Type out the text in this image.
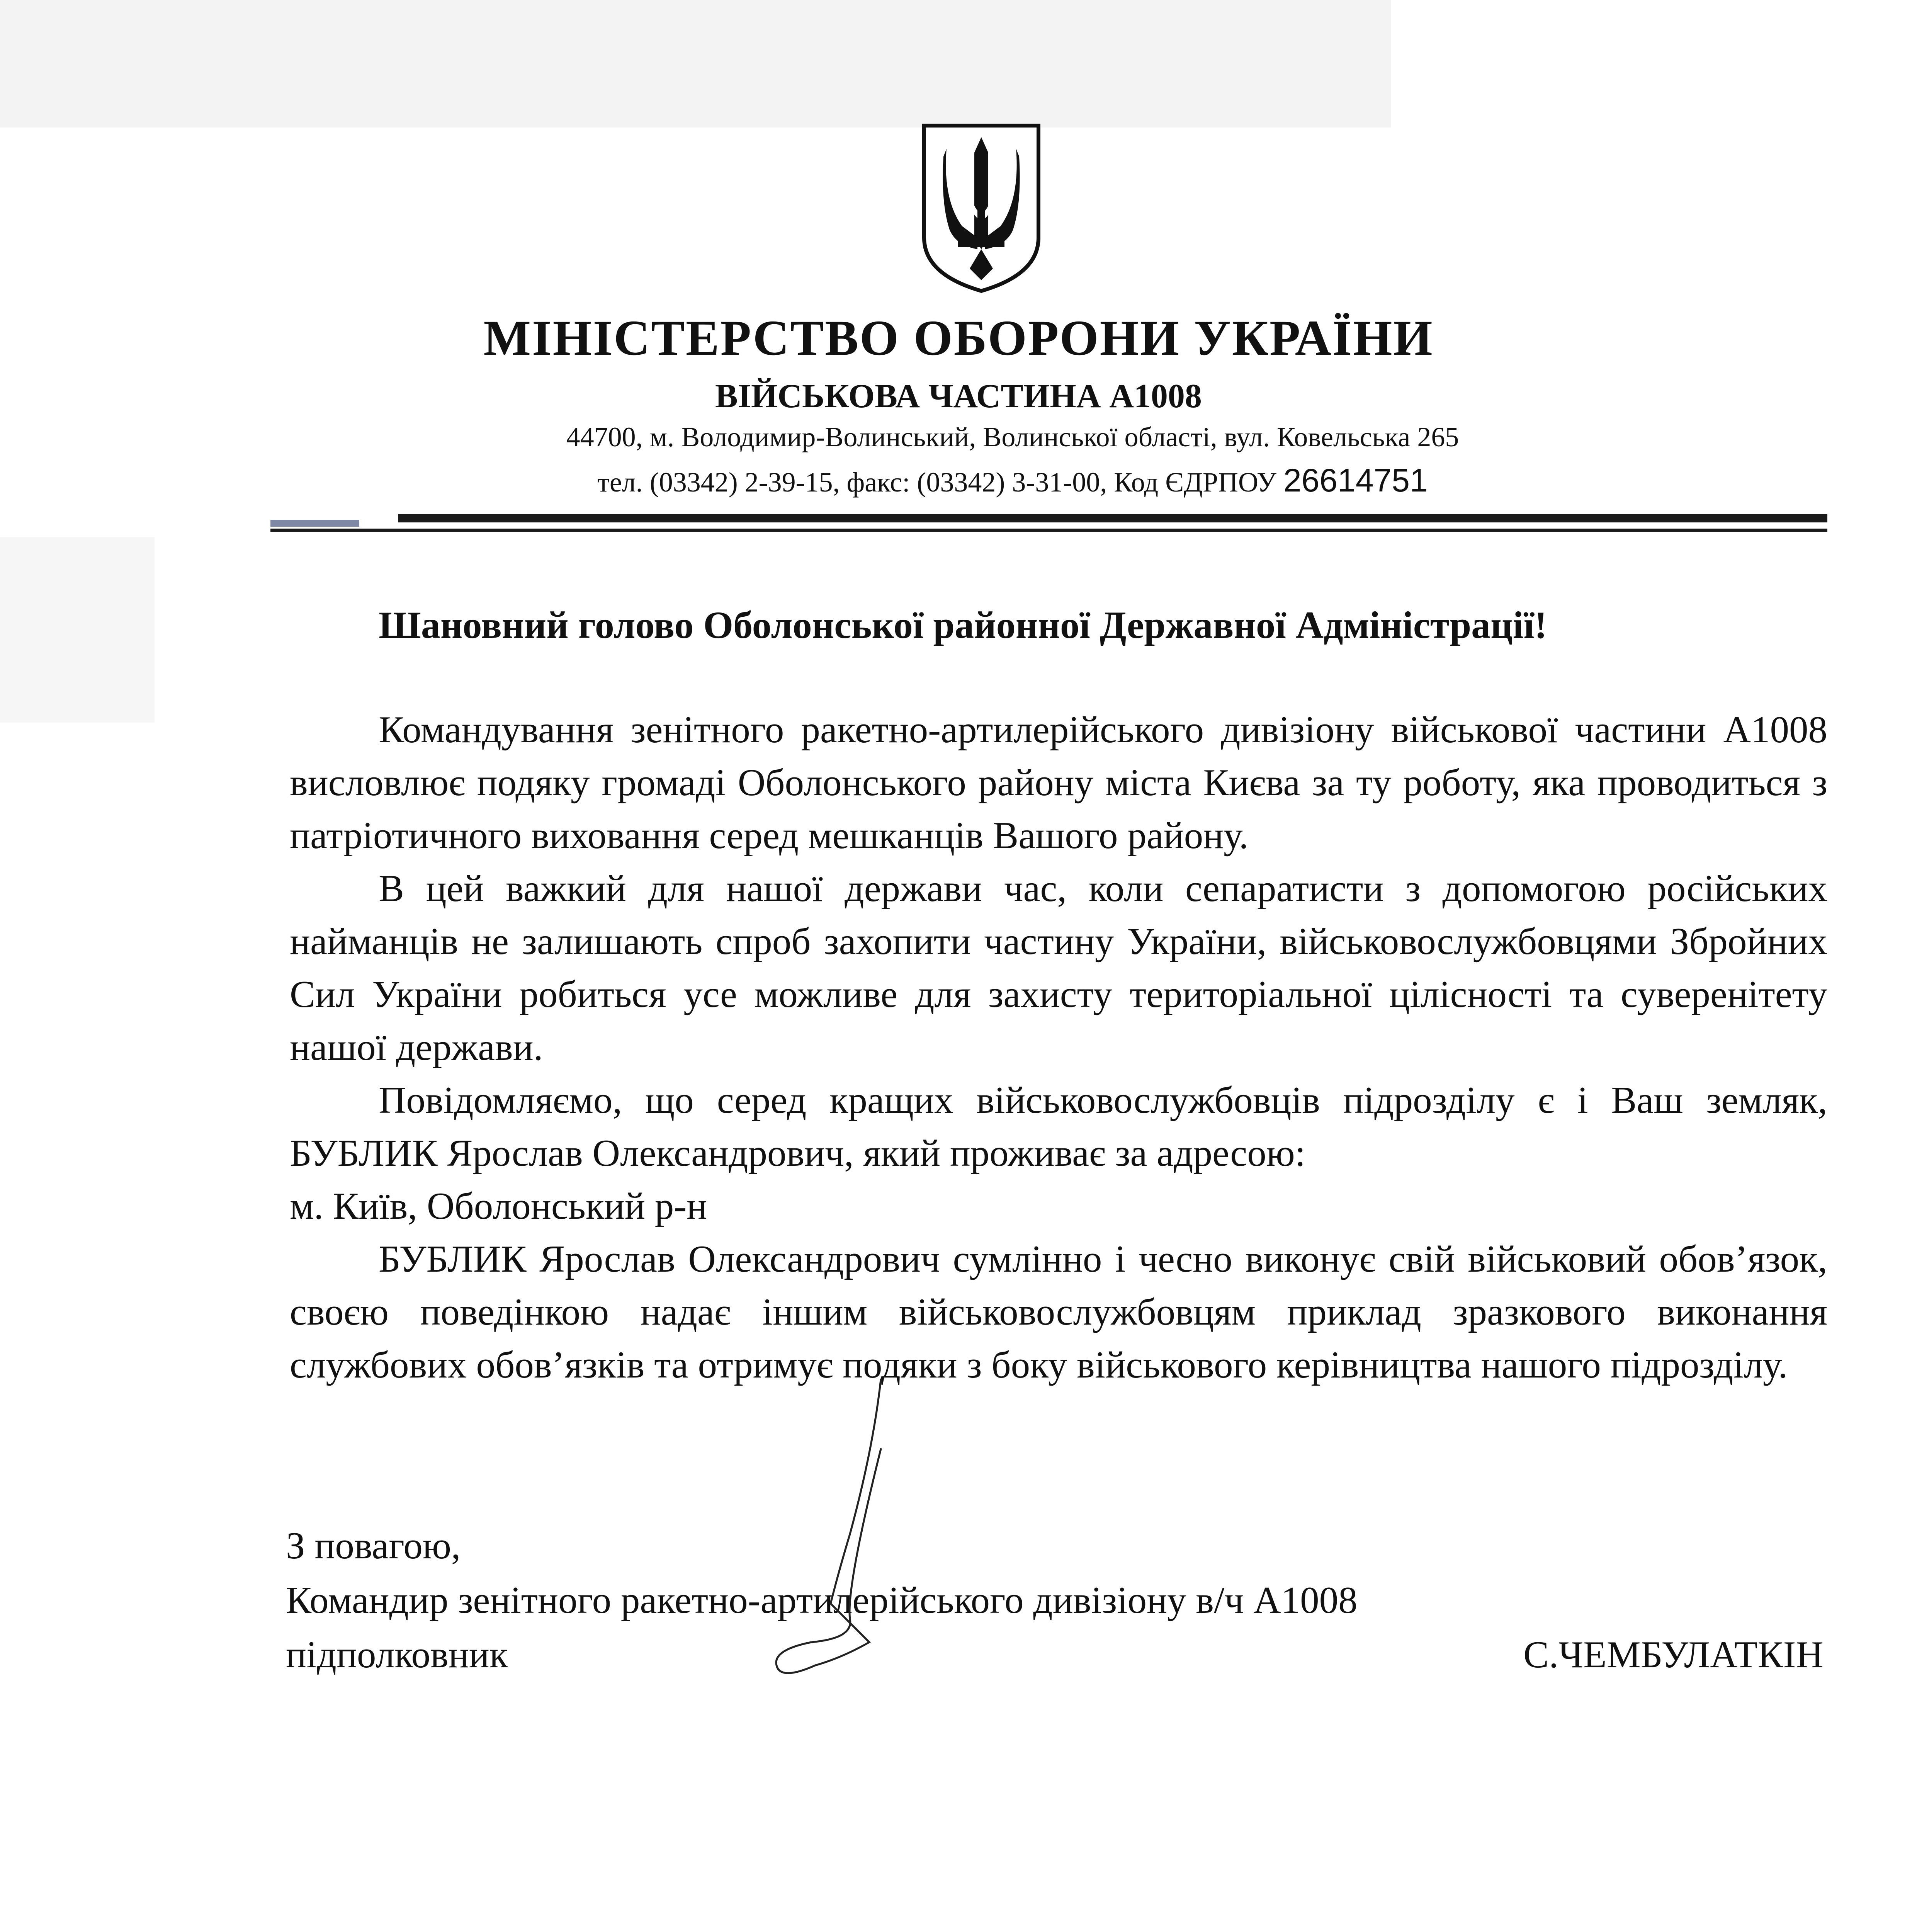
МІНІСТЕРСТВО ОБОРОНИ УКРАЇНИ
ВІЙСЬКОВА ЧАСТИНА А1008
44700, м. Володимир-Волинський, Волинської області, вул. Ковельська 265
тел. (03342) 2-39-15, факс: (03342) 3-31-00, Код ЄДРПОУ 26614751
Шановний голово Оболонської районної Державної Адміністрації!

Командування зенітного ракетно-артилерійського дивізіону військової частини А1008 висловлює подяку громаді Оболонського району міста Києва за ту роботу, яка проводиться з патріотичного виховання серед мешканців Вашого району.

В цей важкий для нашої держави час, коли сепаратисти з допомогою російських найманців не залишають спроб захопити частину України, військовослужбовцями Збройних Сил України робиться усе можливе для захисту територіальної цілісності та суверенітету нашої держави.

Повідомляємо, що серед кращих військовослужбовців підрозділу є і Ваш земляк, БУБЛИК Ярослав Олександрович, який проживає за адресою:

м. Київ, Оболонський р-н

БУБЛИК Ярослав Олександрович сумлінно і чесно виконує свій військовий обов’язок, своєю поведінкою надає іншим військовослужбовцям приклад зразкового виконання службових обов’язків та отримує подяки з боку військового керівництва нашого підрозділу.

З повагою,
Командир зенітного ракетно-артилерійського дивізіону в/ч А1008
підполковник	С.ЧЕМБУЛАТКІН
